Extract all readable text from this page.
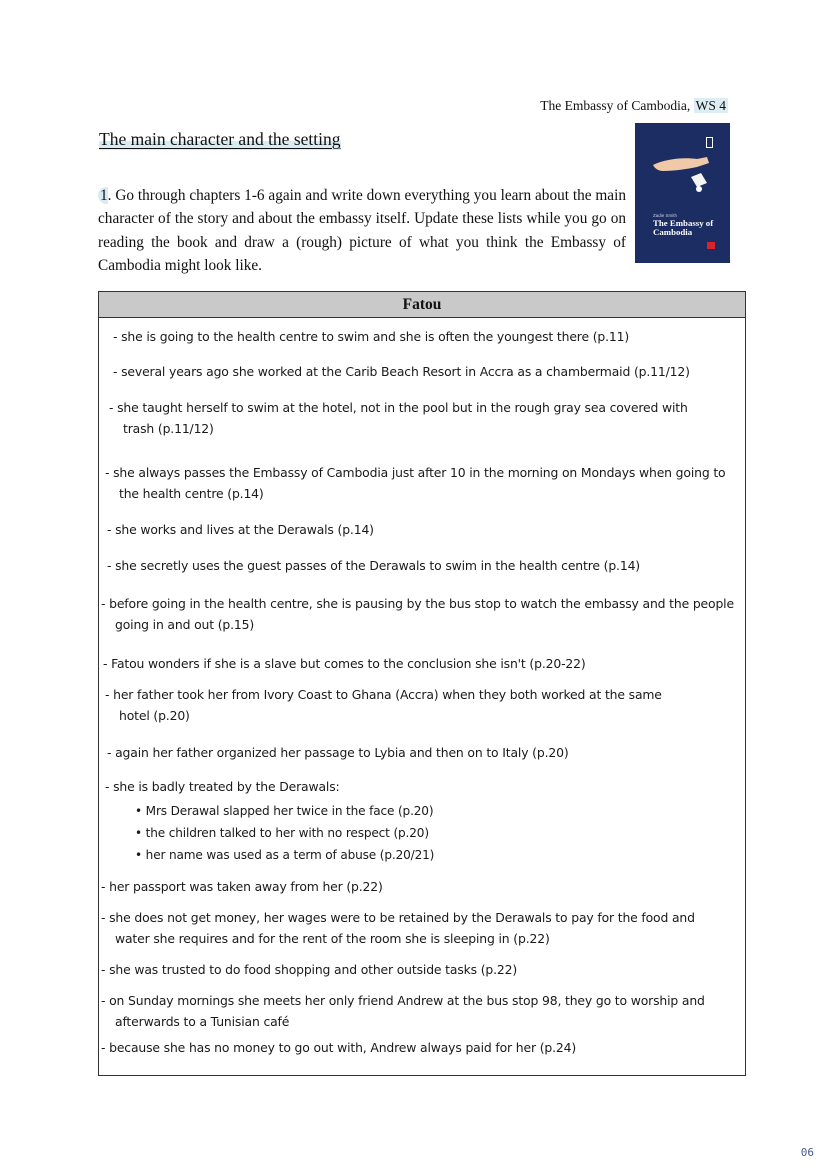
The Embassy of Cambodia, WS 4
The main character and the setting
1. Go through chapters 1-6 again and write down everything you learn about the main character of the story and about the embassy itself. Update these lists while you go on reading the book and draw a (rough) picture of what you think the Embassy of Cambodia might look like.
Zadie Smith
The Embassy of Cambodia
Fatou
- she is going to the health centre to swim and she is often the youngest there (p.11)
- several years ago she worked at the Carib Beach Resort in Accra as a chambermaid (p.11/12)
- she taught herself to swim at the hotel, not in the pool but in the rough gray sea covered with
trash (p.11/12)
- she always passes the Embassy of Cambodia just after 10 in the morning on Mondays when going to
the health centre (p.14)
- she works and lives at the Derawals (p.14)
- she secretly uses the guest passes of the Derawals to swim in the health centre (p.14)
- before going in the health centre, she is pausing by the bus stop to watch the embassy and the people
going in and out (p.15)
- Fatou wonders if she is a slave but comes to the conclusion she isn't (p.20-22)
- her father took her from Ivory Coast to Ghana (Accra) when they both worked at the same
hotel (p.20)
- again her father organized her passage to Lybia and then on to Italy (p.20)
- she is badly treated by the Derawals:
• Mrs Derawal slapped her twice in the face (p.20)
• the children talked to her with no respect (p.20)
• her name was used as a term of abuse (p.20/21)
- her passport was taken away from her (p.22)
- she does not get money, her wages were to be retained by the Derawals to pay for the food and
water she requires and for the rent of the room she is sleeping in (p.22)
- she was trusted to do food shopping and other outside tasks (p.22)
- on Sunday mornings she meets her only friend Andrew at the bus stop 98, they go to worship and
afterwards to a Tunisian café
- because she has no money to go out with, Andrew always paid for her (p.24)
06
